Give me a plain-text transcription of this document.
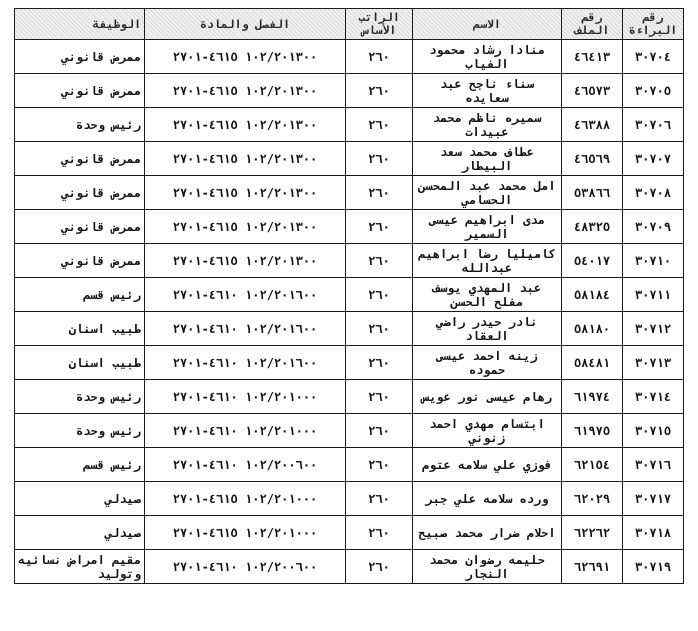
رقم البراءة	رقم الملف	الاسم	الراتب الأساس	الفصل والمادة	الوظيفة
٣٠٧٠٤	٤٦٤١٣	منادا رشاد محمود الفياب	٢٦٠	١٠٢/٢٠١٣٠٠ ٤٦١٥-٢٧٠١	ممرض قانوني
٣٠٧٠٥	٤٦٥٧٣	سناء ناجح عبد سعايده	٢٦٠	١٠٢/٢٠١٣٠٠ ٤٦١٥-٢٧٠١	ممرض قانوني
٣٠٧٠٦	٤٦٣٨٨	سميره ناظم محمد عبيدات	٢٦٠	١٠٢/٢٠١٣٠٠ ٤٦١٥-٢٧٠١	رئيس وحدة
٣٠٧٠٧	٤٦٥٦٩	عطاف محمد سعد البيطار	٢٦٠	١٠٢/٢٠١٣٠٠ ٤٦١٥-٢٧٠١	ممرض قانوني
٣٠٧٠٨	٥٣٨٦٦	امل محمد عبد المحسن الحسامي	٢٦٠	١٠٢/٢٠١٣٠٠ ٤٦١٥-٢٧٠١	ممرض قانوني
٣٠٧٠٩	٤٨٣٢٥	مدى ابراهيم عيسى السمير	٢٦٠	١٠٢/٢٠١٣٠٠ ٤٦١٥-٢٧٠١	ممرض قانوني
٣٠٧١٠	٥٤٠١٧	كاميليا رضا ابراهيم عبدالله	٢٦٠	١٠٢/٢٠١٣٠٠ ٤٦١٥-٢٧٠١	ممرض قانوني
٣٠٧١١	٥٨١٨٤	عبد المهدي يوسف مفلح الحسن	٢٦٠	١٠٢/٢٠١٦٠٠ ٤٦١٠-٢٧٠١	رئيس قسم
٣٠٧١٢	٥٨١٨٠	نادر حيدر راضي العقاد	٢٦٠	١٠٢/٢٠١٦٠٠ ٤٦١٠-٢٧٠١	طبيب اسنان
٣٠٧١٣	٥٨٤٨١	زينه احمد عيسى حموده	٢٦٠	١٠٢/٢٠١٦٠٠ ٤٦١٠-٢٧٠١	طبيب اسنان
٣٠٧١٤	٦١٩٧٤	رهام عيسى نور عويس	٢٦٠	١٠٢/٢٠١٠٠٠ ٤٦١٠-٢٧٠١	رئيس وحدة
٣٠٧١٥	٦١٩٧٥	ابتسام مهدي احمد زنوني	٢٦٠	١٠٢/٢٠١٠٠٠ ٤٦١٠-٢٧٠١	رئيس وحدة
٣٠٧١٦	٦٢١٥٤	فوزي علي سلامه عتوم	٢٦٠	١٠٢/٢٠٠٦٠٠ ٤٦١٠-٢٧٠١	رئيس قسم
٣٠٧١٧	٦٢٠٢٩	ورده سلامه علي جبر	٢٦٠	١٠٢/٢٠١٠٠٠ ٤٦١٥-٢٧٠١	صيدلي
٣٠٧١٨	٦٢٢٦٢	احلام ضرار محمد صبيح	٢٦٠	١٠٢/٢٠١٠٠٠ ٤٦١٥-٢٧٠١	صيدلي
٣٠٧١٩	٦٢٦٩١	حليمه رضوان محمد النجار	٢٦٠	١٠٢/٢٠٠٦٠٠ ٤٦١٠-٢٧٠١	مقيم امراض نسائيه وتوليد
